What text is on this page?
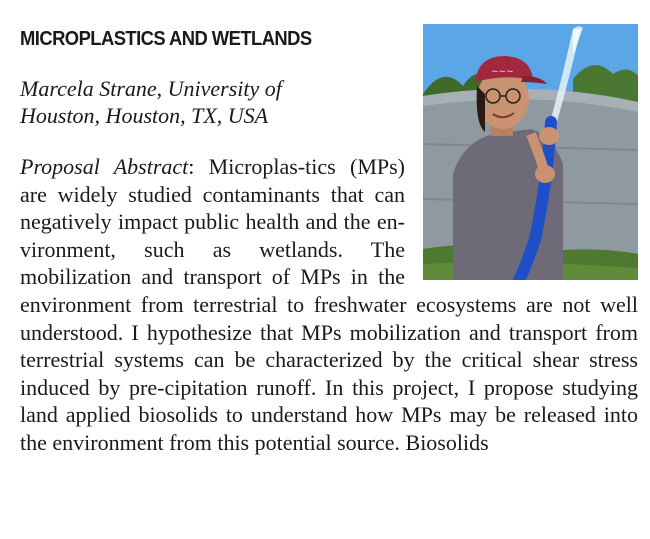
~~~
MICROPLASTICS AND WETLANDS
Marcela Strane, University of
Houston, Houston, TX, USA

Proposal Abstract: Microplas-tics (MPs) are widely studied contaminants that can negatively impact public health and the en-vironment, such as wetlands. The mobilization and transport of MPs in the environment from terrestrial to freshwater ecosystems are not well understood. I hypothesize that MPs mobilization and transport from terrestrial systems can be characterized by the critical shear stress induced by pre-cipitation runoff. In this project, I propose studying land applied biosolids to understand how MPs may be released into the environment from this potential source. Biosolids
